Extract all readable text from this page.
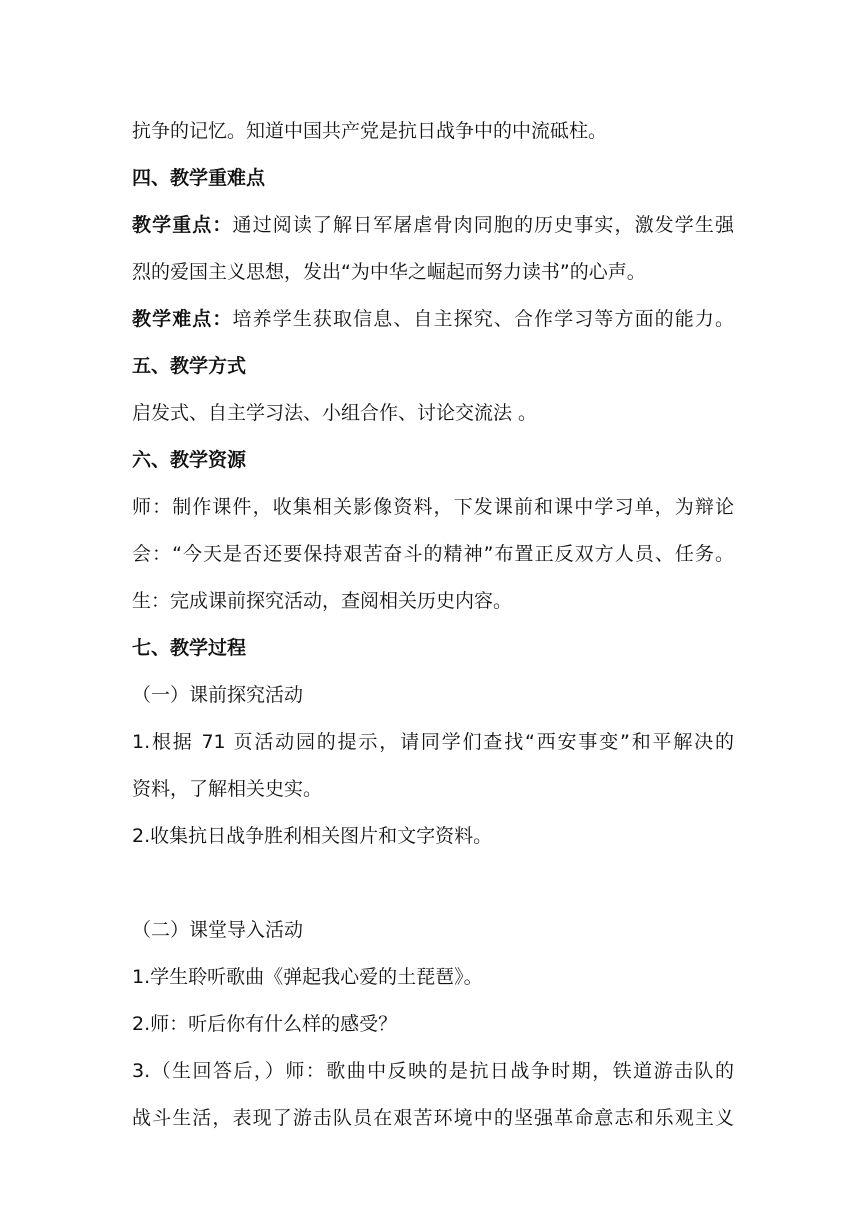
抗争的记忆。知道中国共产党是抗日战争中的中流砥柱。
四、教学重难点
教学重点：通过阅读了解日军屠虐骨肉同胞的历史事实，激发学生强
烈的爱国主义思想，发出“为中华之崛起而努力读书”的心声。
教学难点：培养学生获取信息、自主探究、合作学习等方面的能力。
五、教学方式
启发式、自主学习法、小组合作、讨论交流法 。
六、教学资源
师：制作课件，收集相关影像资料，下发课前和课中学习单，为辩论
会：“今天是否还要保持艰苦奋斗的精神”布置正反双方人员、任务。
生：完成课前探究活动，查阅相关历史内容。
七、教学过程
（一）课前探究活动
1.根据 71 页活动园的提示，请同学们查找“西安事变”和平解决的
资料，了解相关史实。
2.收集抗日战争胜利相关图片和文字资料。
（二）课堂导入活动
1.学生聆听歌曲《弹起我心爱的土琵琶》。
2.师：听后你有什么样的感受？
3.（生回答后，）师：歌曲中反映的是抗日战争时期，铁道游击队的
战斗生活，表现了游击队员在艰苦环境中的坚强革命意志和乐观主义
